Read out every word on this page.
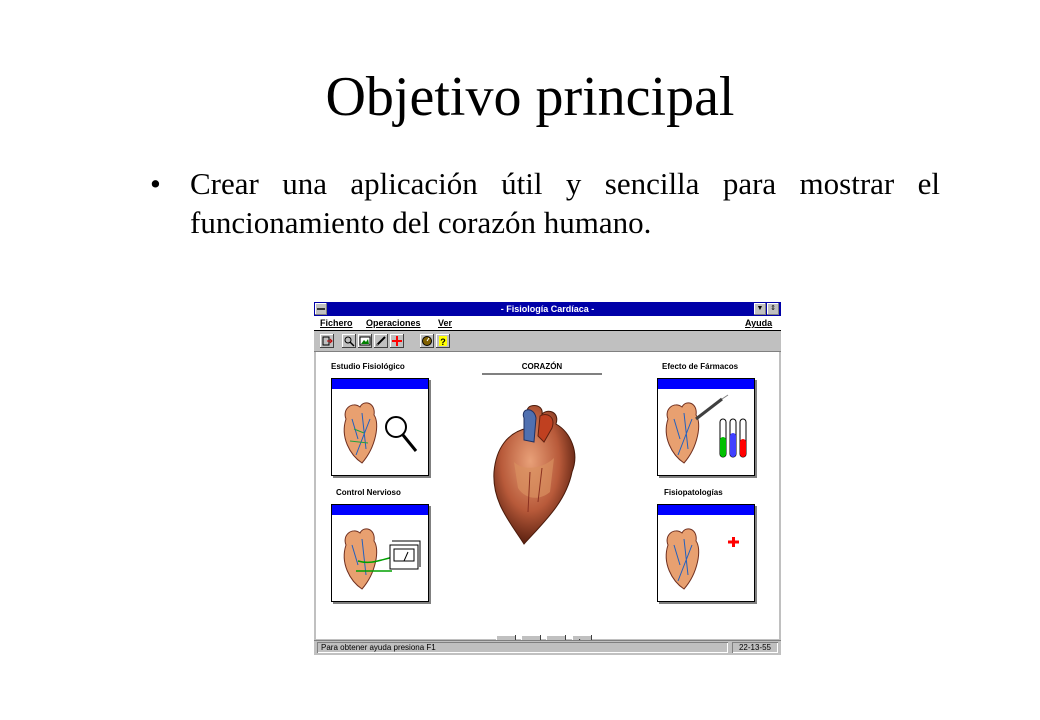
Objetivo principal
• Crear una aplicación útil y sencilla para mostrar el funcionamiento del corazón humano.
- Fisiología Cardíaca -	▼ ⇕
Fichero Operaciones Ver	Ayuda
?
Estudio Fisiológico	CORAZÓN	Efecto de Fármacos
Control Nervioso	Fisiopatologías
Para obtener ayuda presiona F1	22-13-55
